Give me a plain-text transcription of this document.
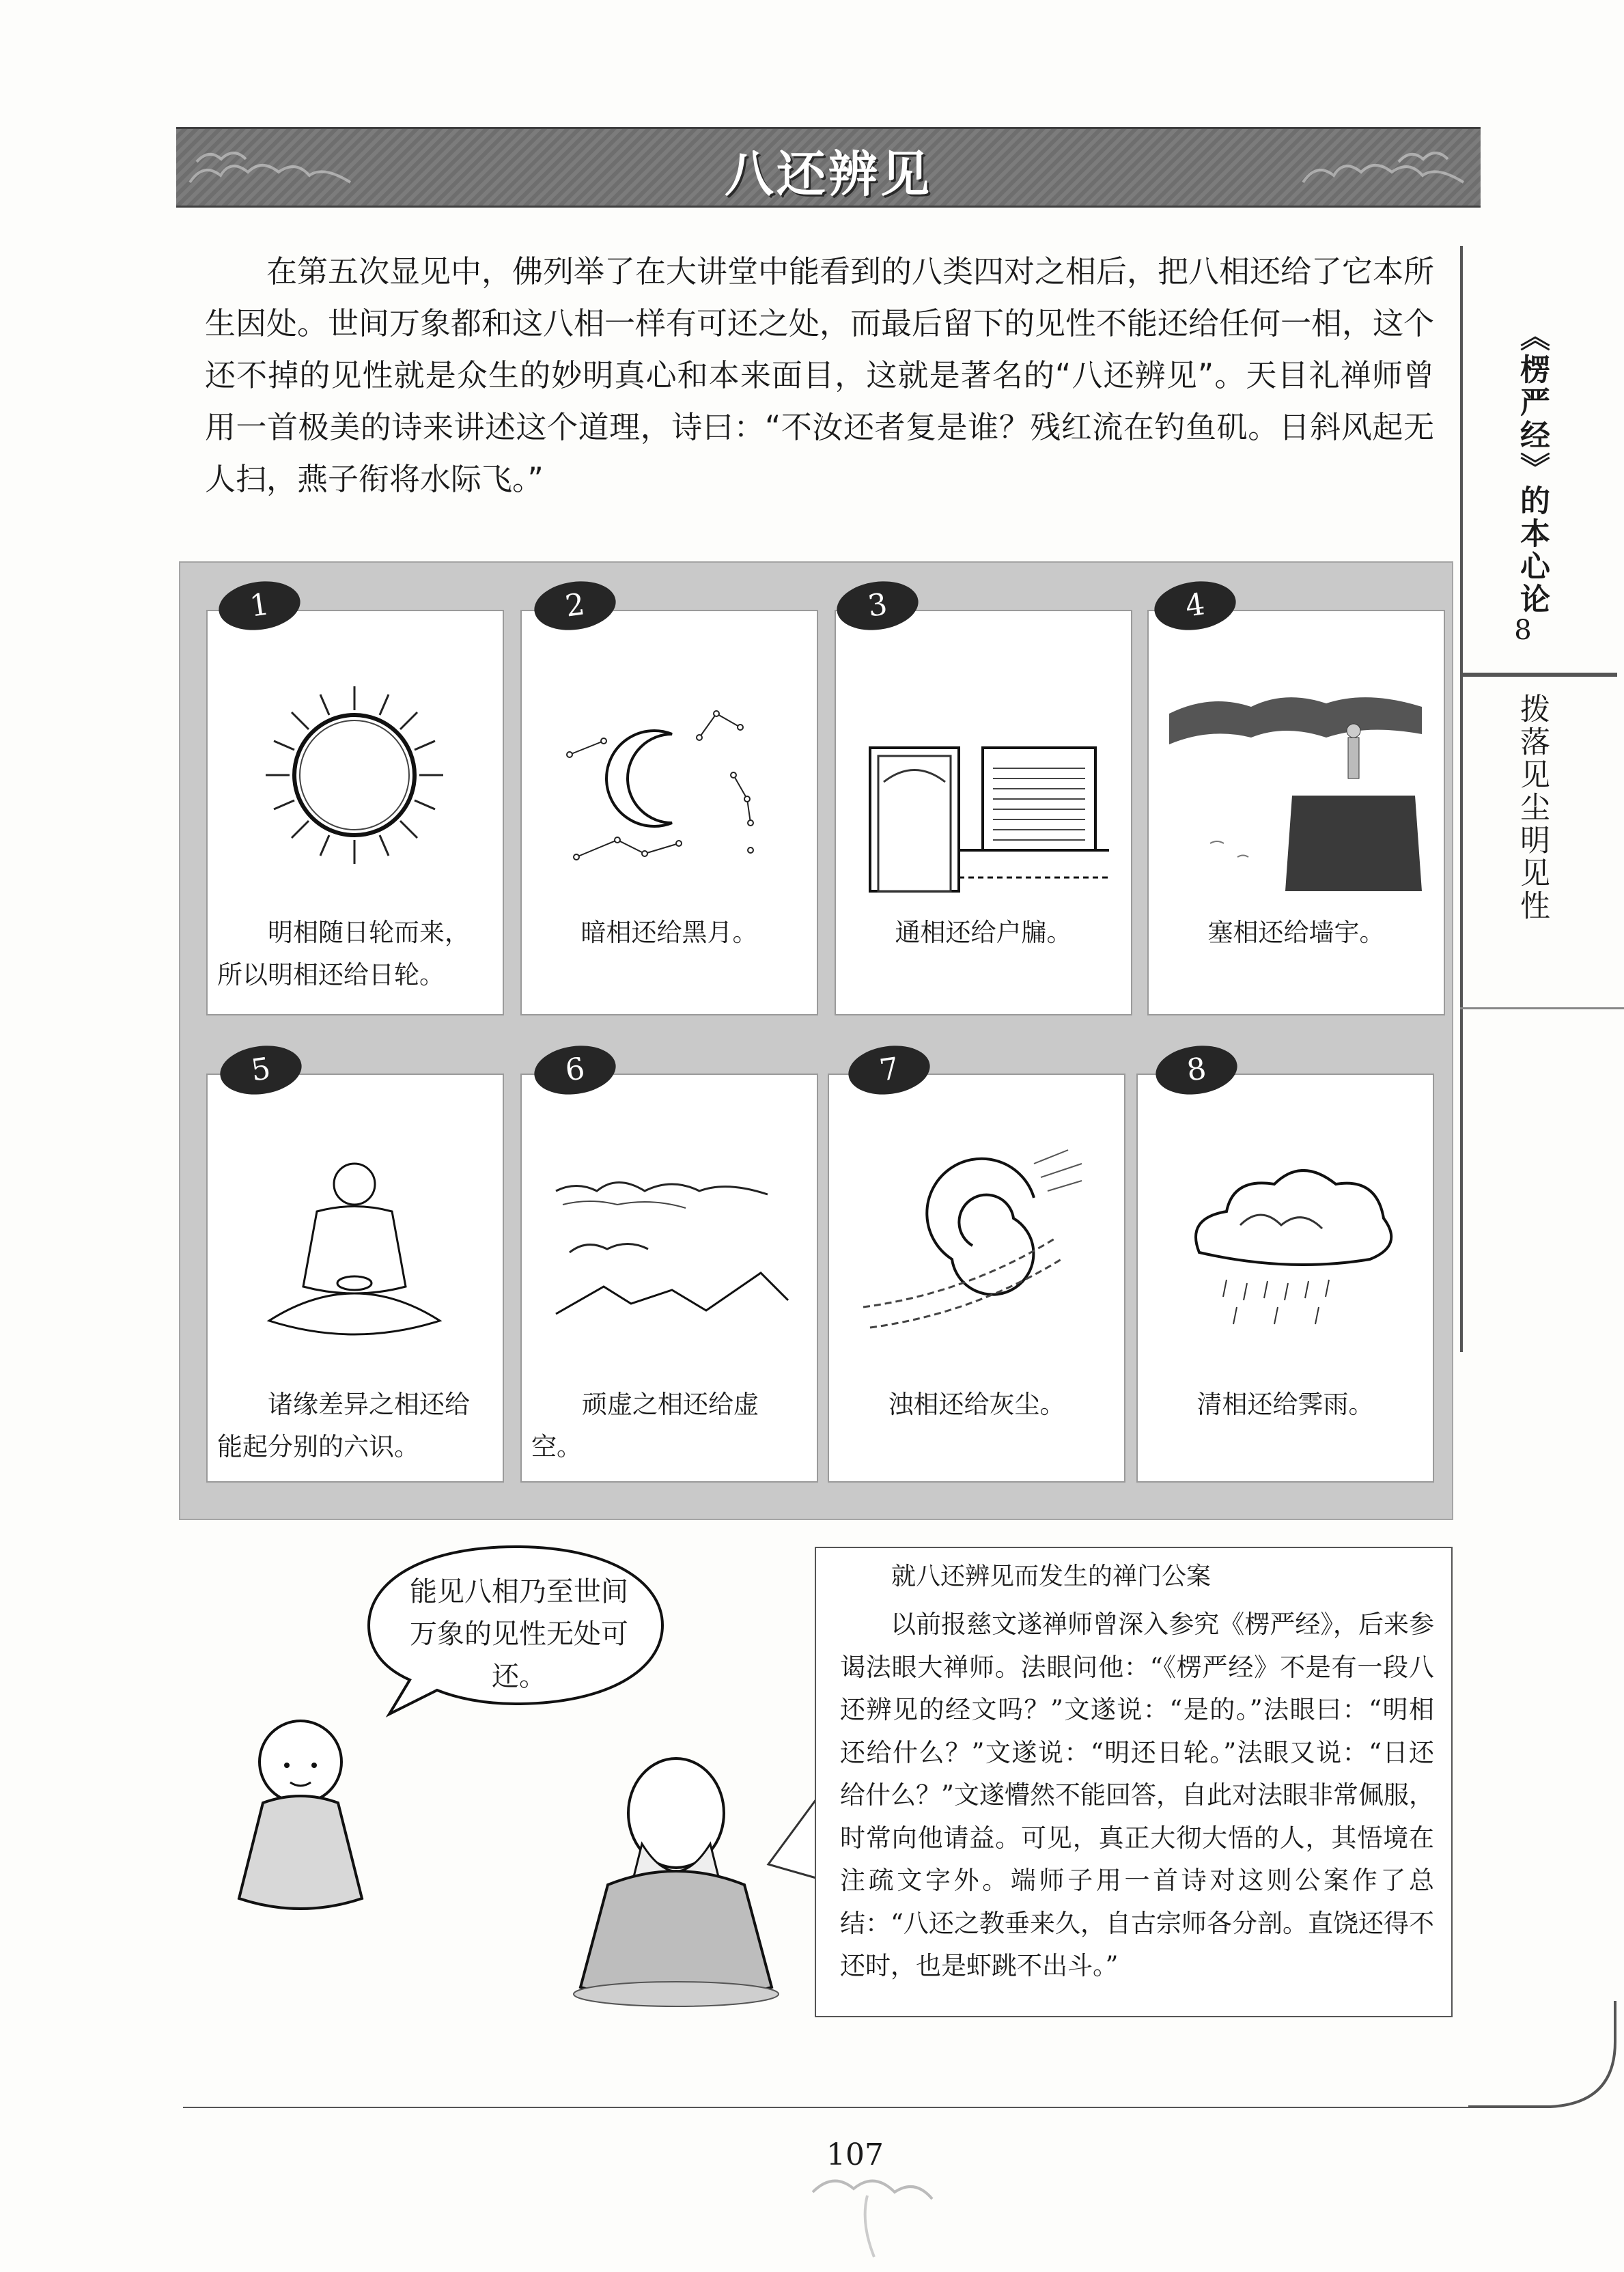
八还辨见
在第五次显见中，佛列举了在大讲堂中能看到的八类四对之相后，把八相还给了它本所生因处。世间万象都和这八相一样有可还之处，而最后留下的见性不能还给任何一相，这个还不掉的见性就是众生的妙明真心和本来面目，这就是著名的“八还辨见”。天目礼禅师曾用一首极美的诗来讲述这个道理，诗曰：“不汝还者复是谁？残红流在钓鱼矶。日斜风起无人扫，燕子衔将水际飞。”	《楞严经》的本心论
8
拨落见尘明见性
明相随日轮而来，所以明相还给日轮。
1
暗相还给黑月。
2
通相还给户牖。
3
塞相还给墙宇。
4
诸缘差异之相还给能起分别的六识。
5
顽虚之相还给虚空。
6
浊相还给灰尘。
7
清相还给霁雨。
8
能见八相乃至世间万象的见性无处可还。
就八还辨见而发生的禅门公案
以前报慈文遂禅师曾深入参究《楞严经》，后来参谒法眼大禅师。法眼问他：“《楞严经》不是有一段八还辨见的经文吗？”文遂说：“是的。”法眼曰：“明相还给什么？”文遂说：“明还日轮。”法眼又说：“日还给什么？”文遂懵然不能回答，自此对法眼非常佩服，时常向他请益。可见，真正大彻大悟的人，其悟境在注疏文字外。端师子用一首诗对这则公案作了总结：“八还之教垂来久，自古宗师各分剖。直饶还得不还时，也是虾跳不出斗。”
107
